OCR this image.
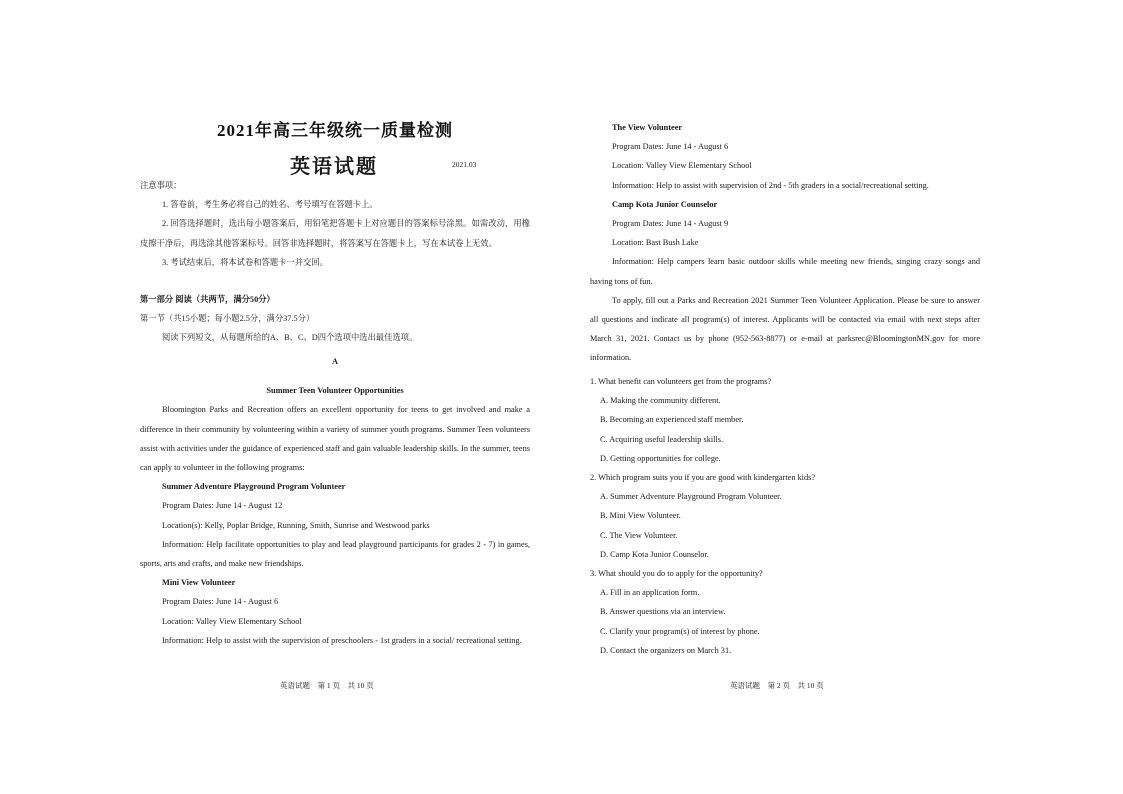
2021年高三年级统一质量检测
英语试题	2021.03

注意事项：

1. 答卷前，考生务必将自己的姓名、考号填写在答题卡上。

2. 回答选择题时，选出每小题答案后，用铅笔把答题卡上对应题目的答案标号涂黑。如需改动，用橡皮擦干净后，再选涂其他答案标号。回答非选择题时，将答案写在答题卡上，写在本试卷上无效。

3. 考试结束后，将本试卷和答题卡一并交回。

第一部分 阅读（共两节，满分50分）

第一节（共15小题；每小题2.5分，满分37.5分）

阅读下列短文，从每题所给的A、B、C、D四个选项中选出最佳选项。

A

Summer Teen Volunteer Opportunities

Bloomington Parks and Recreation offers an excellent opportunity for teens to get involved and make a difference in their community by volunteering within a variety of summer youth programs. Summer Teen volunteers assist with activities under the guidance of experienced staff and gain valuable leadership skills. In the summer, teens can apply to volunteer in the following programs:

Summer Adventure Playground Program Volunteer

Program Dates: June 14 - August 12

Location(s): Kelly, Poplar Bridge, Running, Smith, Sunrise and Westwood parks

Information: Help facilitate opportunities to play and lead playground participants for grades 2 - 7) in games, sports, arts and crafts, and make new friendships.

Mini View Volunteer

Program Dates: June 14 - August 6

Location: Valley View Elementary School

Information: Help to assist with the supervision of preschoolers - 1st graders in a social/ recreational setting.

英语试题　第 1 页　共 10 页

The View Volunteer

Program Dates: June 14 - August 6

Location: Valley View Elementary School

Information: Help to assist with supervision of 2nd - 5th graders in a social/recreational setting.

Camp Kota Junior Counselor

Program Dates: June 14 - August 9

Location: Bast Bush Lake

Information: Help campers learn basic outdoor skills while meeting new friends, singing crazy songs and having tons of fun.

To apply, fill out a Parks and Recreation 2021 Summer Teen Volunteer Application. Please be sure to answer all questions and indicate all program(s) of interest. Applicants will be contacted via email with next steps after March 31, 2021. Contact us by phone (952-563-8877) or e-mail at parksrec@BloomingtonMN.gov for more information.

1. What benefit can volunteers get from the programs?

A. Making the community different.

B. Becoming an experienced staff member.

C. Acquiring useful leadership skills.

D. Getting opportunities for college.

2. Which program suits you if you are good with kindergarten kids?

A. Summer Adventure Playground Program Volunteer.

B. Mini View Volunteer.

C. The View Volunteer.

D. Camp Kota Junior Counselor.

3. What should you do to apply for the opportunity?

A. Fill in an application form.

B. Answer questions via an interview.

C. Clarify your program(s) of interest by phone.

D. Contact the organizers on March 31.

英语试题　第 2 页　共 10 页
